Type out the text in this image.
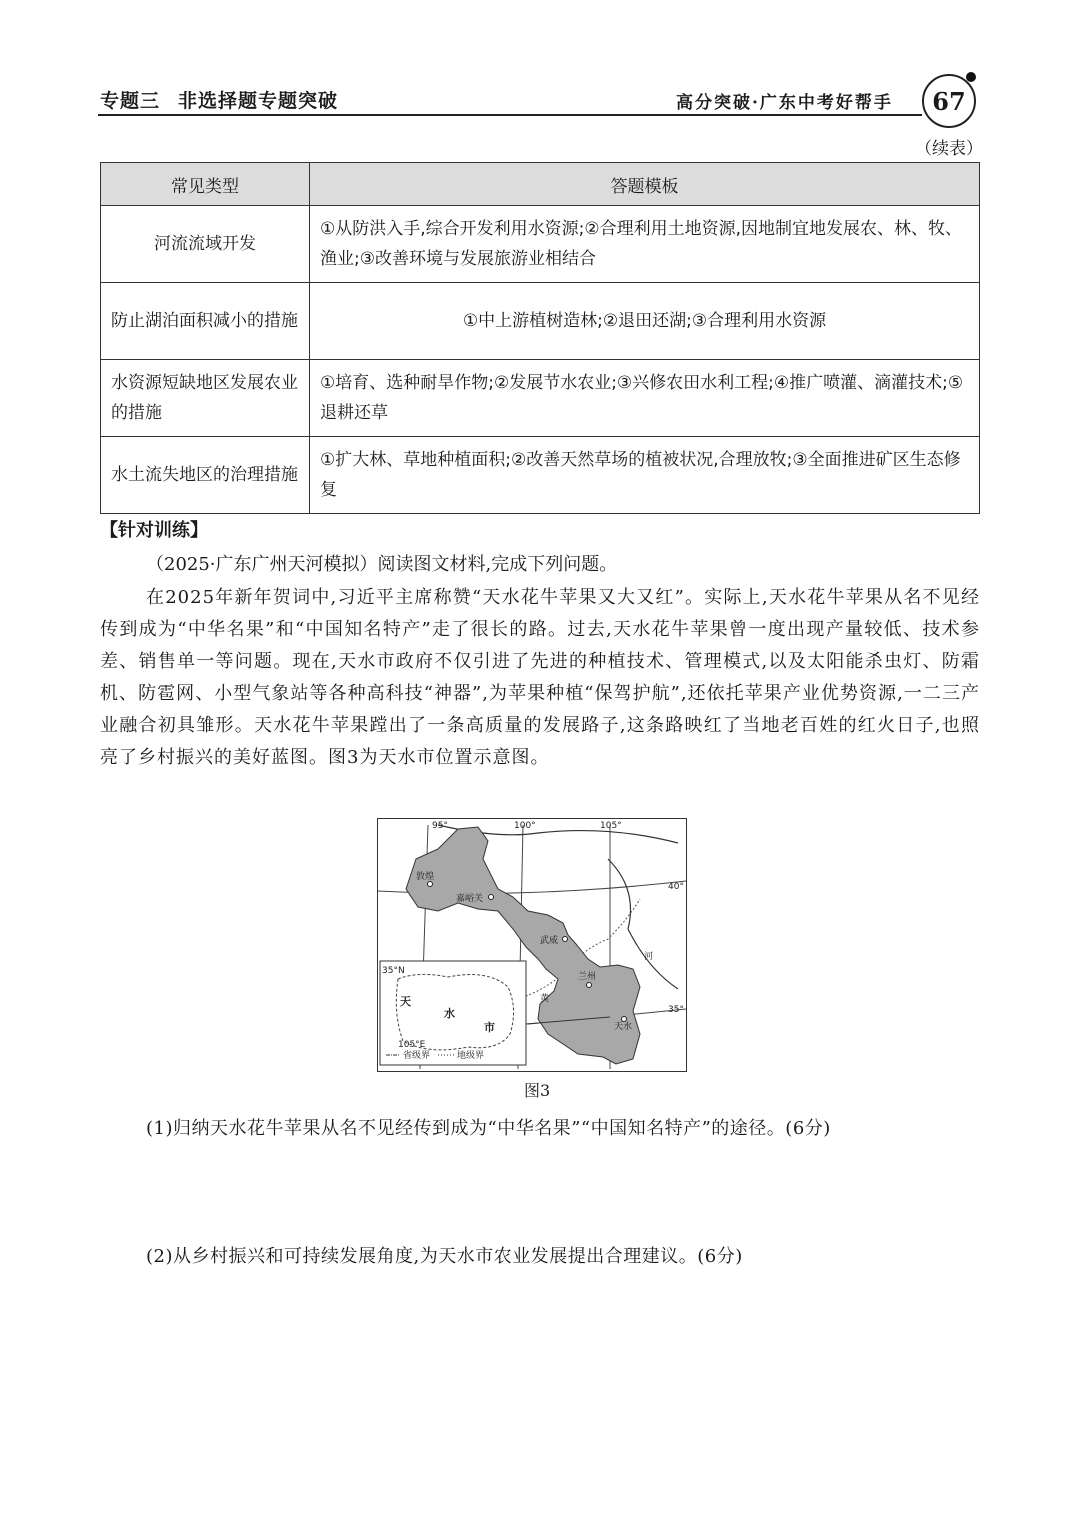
专题三 非选择题专题突破	高分突破·广东中考好帮手	67
（续表）
常见类型	答题模板
河流流域开发	①从防洪入手,综合开发利用水资源;②合理利用土地资源,因地制宜地发展农、林、牧、渔业;③改善环境与发展旅游业相结合
防止湖泊面积减小的措施	①中上游植树造林;②退田还湖;③合理利用水资源
水资源短缺地区发展农业的措施	①培育、选种耐旱作物;②发展节水农业;③兴修农田水利工程;④推广喷灌、滴灌技术;⑤退耕还草
水土流失地区的治理措施	①扩大林、草地种植面积;②改善天然草场的植被状况,合理放牧;③全面推进矿区生态修复
【针对训练】
（2025·广东广州天河模拟）阅读图文材料,完成下列问题。
在2025年新年贺词中,习近平主席称赞“天水花牛苹果又大又红”。实际上,天水花牛苹果从名不见经传到成为“中华名果”和“中国知名特产”走了很长的路。过去,天水花牛苹果曾一度出现产量较低、技术参差、销售单一等问题。现在,天水市政府不仅引进了先进的种植技术、管理模式,以及太阳能杀虫灯、防霜机、防雹网、小型气象站等各种高科技“神器”,为苹果种植“保驾护航”,还依托苹果产业优势资源,一二三产业融合初具雏形。天水花牛苹果蹚出了一条高质量的发展路子,这条路映红了当地老百姓的红火日子,也照亮了乡村振兴的美好蓝图。图3为天水市位置示意图。
95°	100°	105°
40°
35°
敦煌
嘉峪关
武威
兰州
天水
黄
河
35°N
105°E
天
水
市
省级界	地级界
图3
(1)归纳天水花牛苹果从名不见经传到成为“中华名果”“中国知名特产”的途径。(6分)
(2)从乡村振兴和可持续发展角度,为天水市农业发展提出合理建议。(6分)
